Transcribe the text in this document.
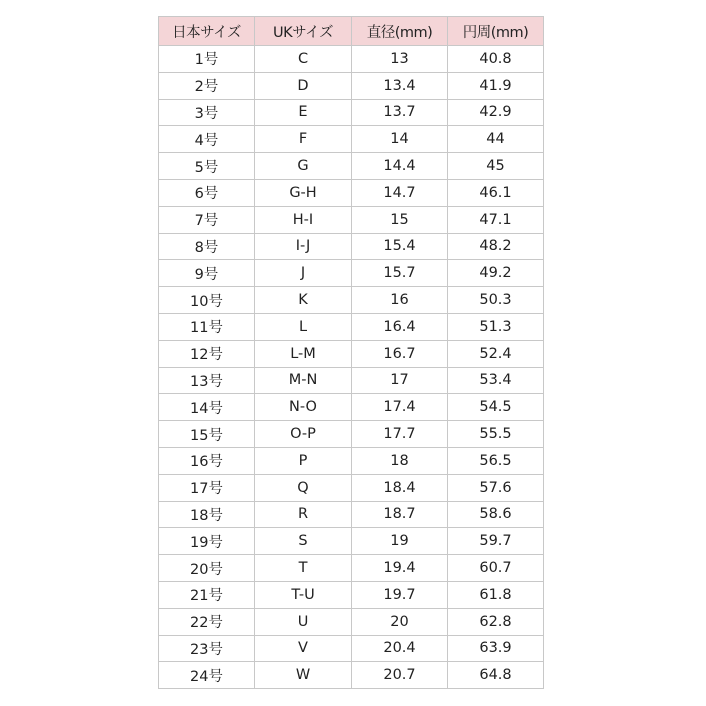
日本サイズ	UKサイズ	直径(mm)	円周(mm)
1号	C	13	40.8
2号	D	13.4	41.9
3号	E	13.7	42.9
4号	F	14	44
5号	G	14.4	45
6号	G-H	14.7	46.1
7号	H-I	15	47.1
8号	I-J	15.4	48.2
9号	J	15.7	49.2
10号	K	16	50.3
11号	L	16.4	51.3
12号	L-M	16.7	52.4
13号	M-N	17	53.4
14号	N-O	17.4	54.5
15号	O-P	17.7	55.5
16号	P	18	56.5
17号	Q	18.4	57.6
18号	R	18.7	58.6
19号	S	19	59.7
20号	T	19.4	60.7
21号	T-U	19.7	61.8
22号	U	20	62.8
23号	V	20.4	63.9
24号	W	20.7	64.8
